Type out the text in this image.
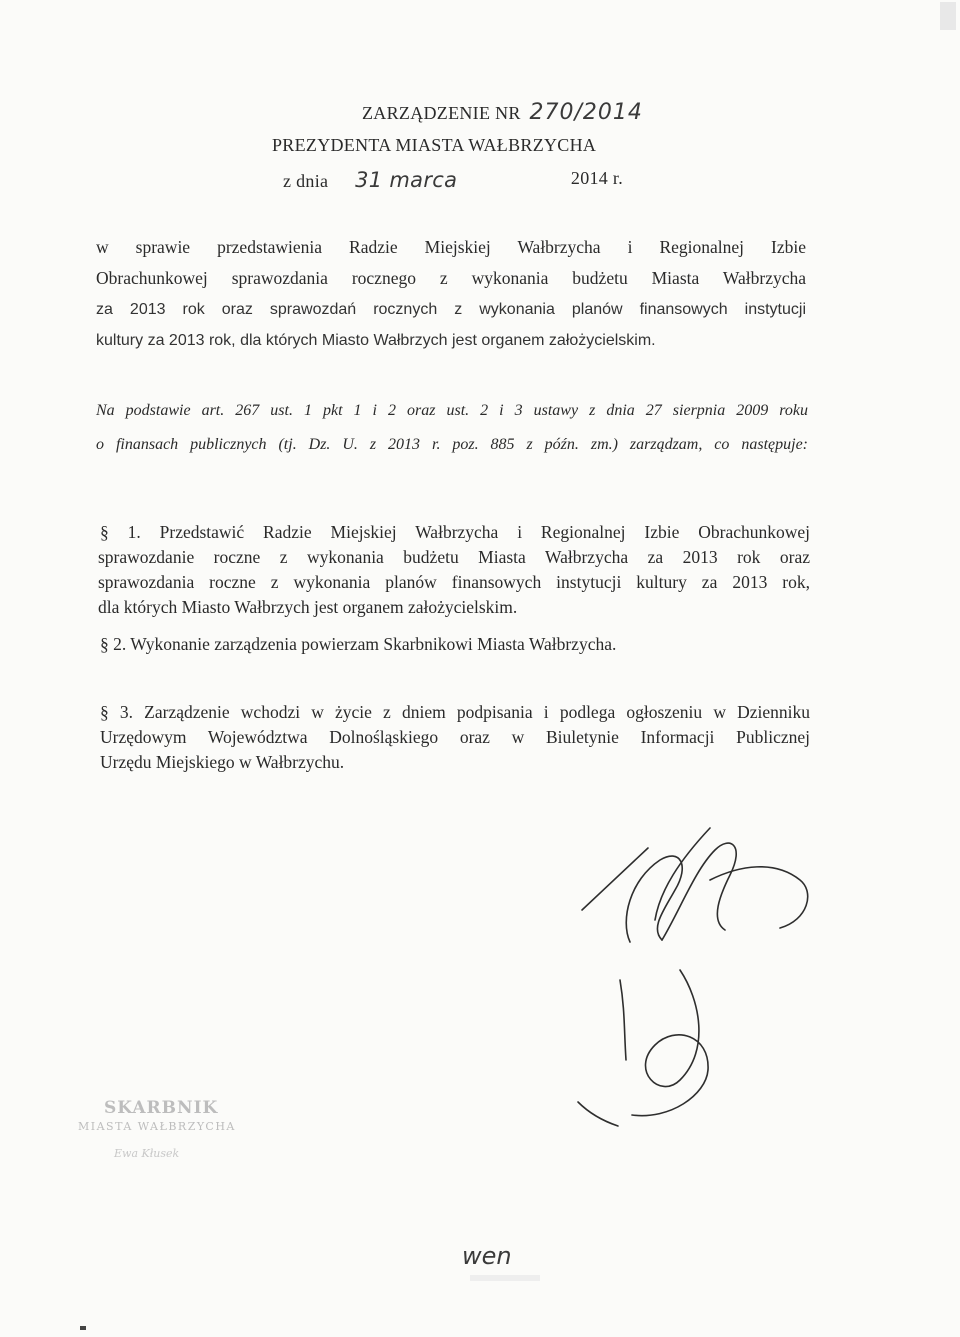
ZARZĄDZENIE NR 270/2014
PREZYDENTA MIASTA WAŁBRZYCHA
z dnia 31 marca	2014 r.
w sprawie przedstawienia Radzie Miejskiej Wałbrzycha i Regionalnej Izbie
Obrachunkowej sprawozdania rocznego z wykonania budżetu Miasta Wałbrzycha
za 2013 rok oraz sprawozdań rocznych z wykonania planów finansowych instytucji
kultury za 2013 rok, dla których Miasto Wałbrzych jest organem założycielskim.
Na podstawie art. 267 ust. 1 pkt 1 i 2 oraz ust. 2 i 3 ustawy z dnia 27 sierpnia 2009 roku
o finansach publicznych (tj. Dz. U. z 2013 r. poz. 885 z późn. zm.) zarządzam, co następuje:
§ 1. Przedstawić Radzie Miejskiej Wałbrzycha i Regionalnej Izbie Obrachunkowej
sprawozdanie roczne z wykonania budżetu Miasta Wałbrzycha za 2013 rok oraz
sprawozdania roczne z wykonania planów finansowych instytucji kultury za 2013 rok,
dla których Miasto Wałbrzych jest organem założycielskim.
§ 2. Wykonanie zarządzenia powierzam Skarbnikowi Miasta Wałbrzycha.
§ 3. Zarządzenie wchodzi w życie z dniem podpisania i podlega ogłoszeniu w Dzienniku
Urzędowym Województwa Dolnośląskiego oraz w Biuletynie Informacji Publicznej
Urzędu Miejskiego w Wałbrzychu.
SKARBNIK
MIASTA WAŁBRZYCHA
Ewa Kłusek
wen
